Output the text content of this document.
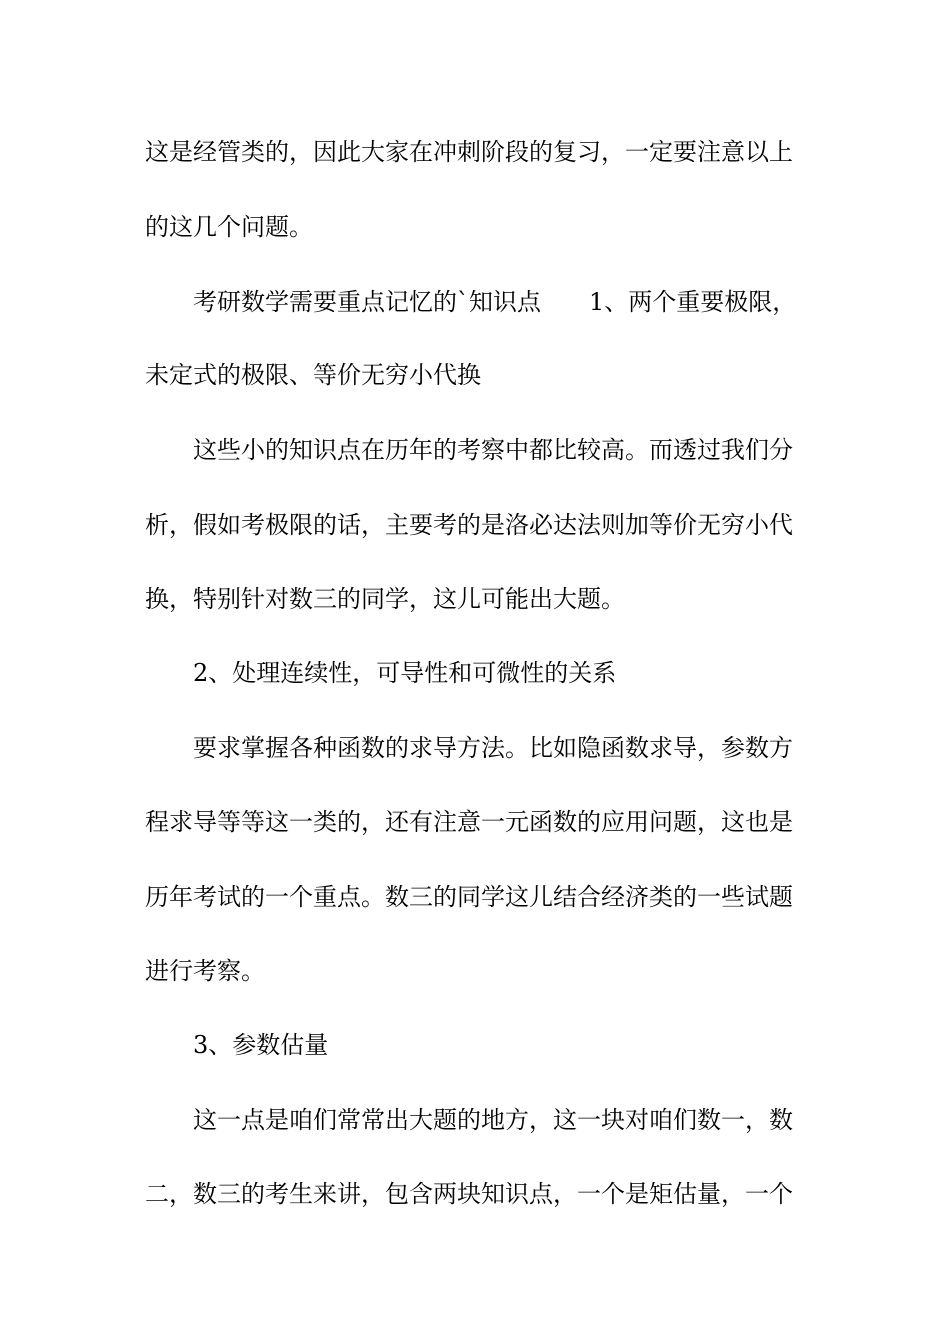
这是经管类的，因此大家在冲刺阶段的复习，一定要注意以上
的这几个问题。
考研数学需要重点记忆的`知识点　　1、两个重要极限，
未定式的极限、等价无穷小代换
这些小的知识点在历年的考察中都比较高。而透过我们分
析，假如考极限的话，主要考的是洛必达法则加等价无穷小代
换，特别针对数三的同学，这儿可能出大题。
2、处理连续性，可导性和可微性的关系
要求掌握各种函数的求导方法。比如隐函数求导，参数方
程求导等等这一类的，还有注意一元函数的应用问题，这也是
历年考试的一个重点。数三的同学这儿结合经济类的一些试题
进行考察。
3、参数估量
这一点是咱们常常出大题的地方，这一块对咱们数一，数
二，数三的考生来讲，包含两块知识点，一个是矩估量，一个
